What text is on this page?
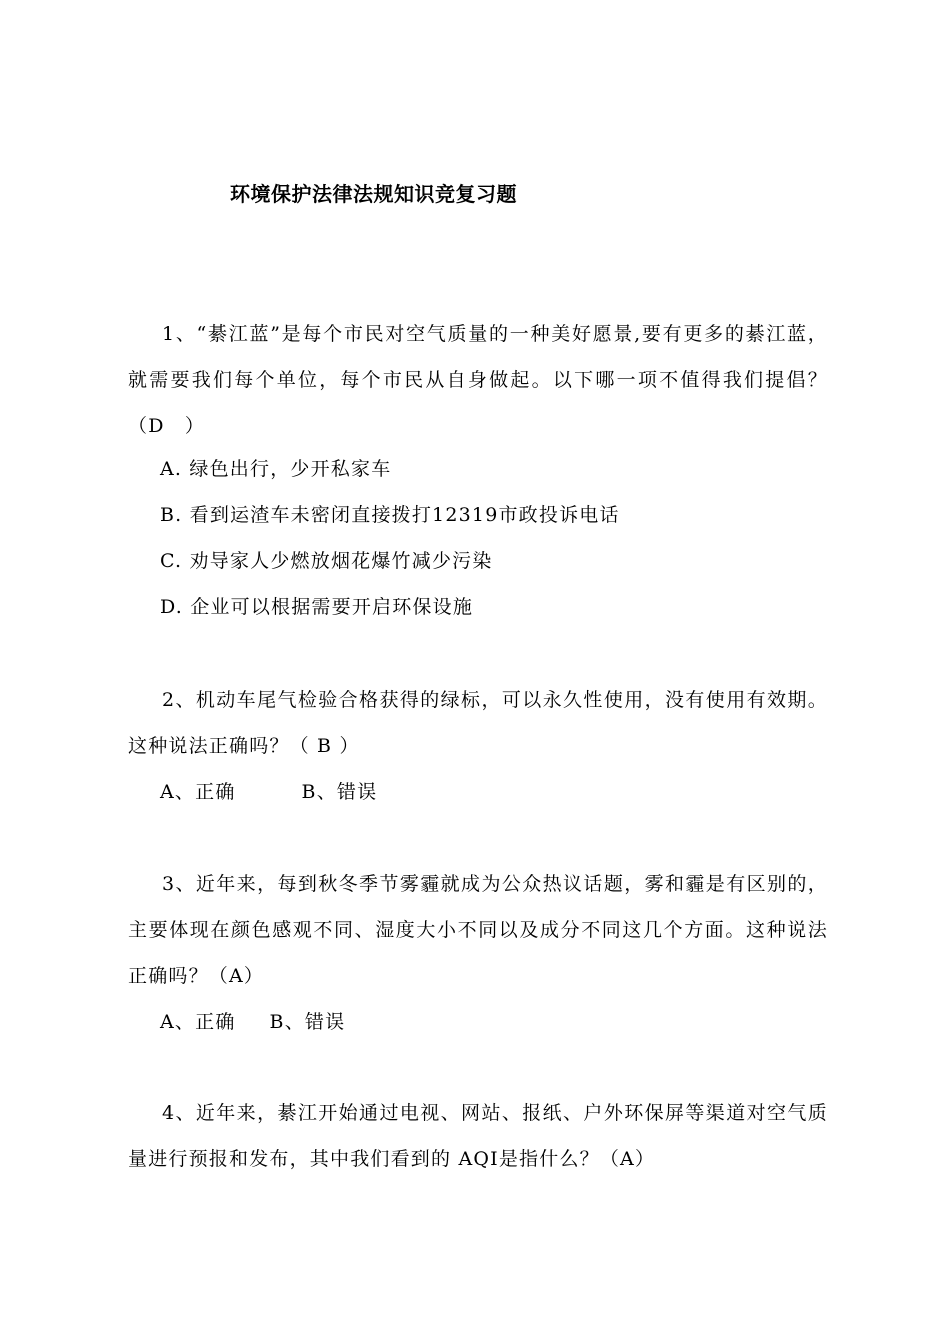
环境保护法律法规知识竞复习题
1、“綦江蓝”是每个市民对空气质量的一种美好愿景,要有更多的綦江蓝，就需要我们每个单位，每个市民从自身做起。以下哪一项不值得我们提倡？（D　）
A. 绿色出行，少开私家车
B. 看到运渣车未密闭直接拨打12319市政投诉电话
C. 劝导家人少燃放烟花爆竹减少污染
D. 企业可以根据需要开启环保设施
2、机动车尾气检验合格获得的绿标，可以永久性使用，没有使用有效期。这种说法正确吗？（ B ）
A、正确	B、错误
3、近年来，每到秋冬季节雾霾就成为公众热议话题，雾和霾是有区别的，主要体现在颜色感观不同、湿度大小不同以及成分不同这几个方面。这种说法正确吗？（A）
A、正确 B、错误
4、近年来，綦江开始通过电视、网站、报纸、户外环保屏等渠道对空气质量进行预报和发布，其中我们看到的 AQI是指什么？（A）
